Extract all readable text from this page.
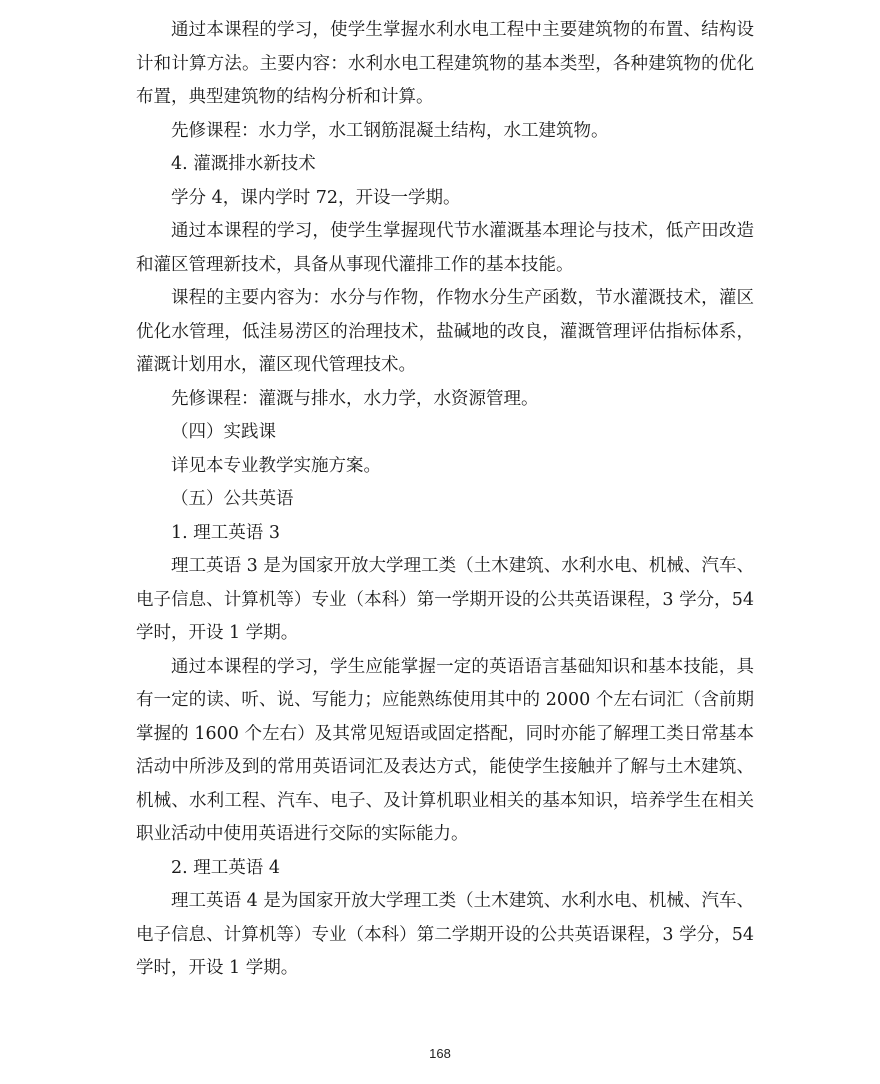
通过本课程的学习，使学生掌握水利水电工程中主要建筑物的布置、结构设计和计算方法。主要内容：水利水电工程建筑物的基本类型，各种建筑物的优化布置，典型建筑物的结构分析和计算。

先修课程：水力学，水工钢筋混凝土结构，水工建筑物。

4. 灌溉排水新技术

学分 4，课内学时 72，开设一学期。

通过本课程的学习，使学生掌握现代节水灌溉基本理论与技术，低产田改造和灌区管理新技术，具备从事现代灌排工作的基本技能。

课程的主要内容为：水分与作物，作物水分生产函数，节水灌溉技术，灌区优化水管理，低洼易涝区的治理技术，盐碱地的改良，灌溉管理评估指标体系，灌溉计划用水，灌区现代管理技术。

先修课程：灌溉与排水，水力学，水资源管理。

（四）实践课

详见本专业教学实施方案。

（五）公共英语

1. 理工英语 3

理工英语 3 是为国家开放大学理工类（土木建筑、水利水电、机械、汽车、电子信息、计算机等）专业（本科）第一学期开设的公共英语课程，3 学分，54 学时，开设 1 学期。

通过本课程的学习，学生应能掌握一定的英语语言基础知识和基本技能，具有一定的读、听、说、写能力；应能熟练使用其中的 2000 个左右词汇（含前期掌握的 1600 个左右）及其常见短语或固定搭配，同时亦能了解理工类日常基本活动中所涉及到的常用英语词汇及表达方式，能使学生接触并了解与土木建筑、机械、水利工程、汽车、电子、及计算机职业相关的基本知识，培养学生在相关职业活动中使用英语进行交际的实际能力。

2. 理工英语 4

理工英语 4 是为国家开放大学理工类（土木建筑、水利水电、机械、汽车、电子信息、计算机等）专业（本科）第二学期开设的公共英语课程，3 学分，54 学时，开设 1 学期。

168
